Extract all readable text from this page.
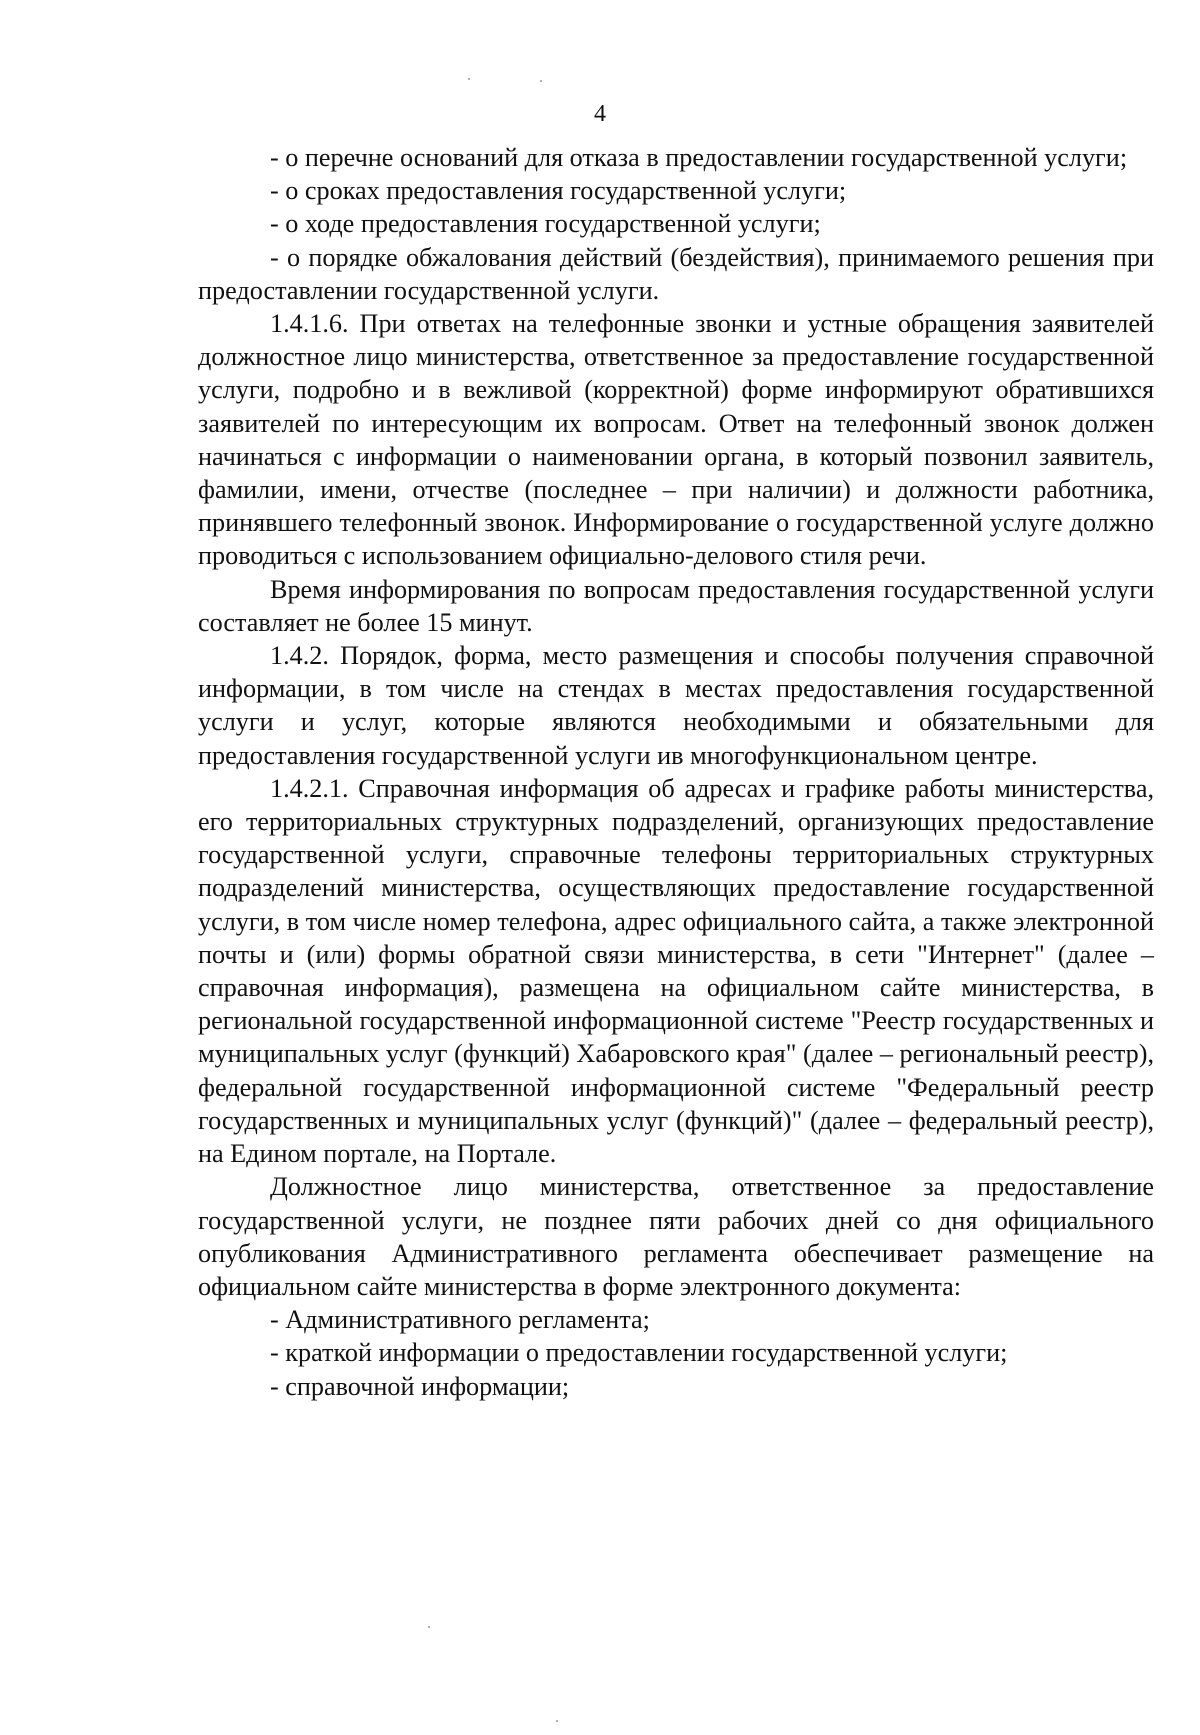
4

- о перечне оснований для отказа в предоставлении государственной услуги;

- о сроках предоставления государственной услуги;

- о ходе предоставления государственной услуги;

- о порядке обжалования действий (бездействия), принимаемого решения при предоставлении государственной услуги.

1.4.1.6. При ответах на телефонные звонки и устные обращения заявителей должностное лицо министерства, ответственное за предоставление государственной услуги, подробно и в вежливой (корректной) форме информируют обратившихся заявителей по интересующим их вопросам. Ответ на телефонный звонок должен начинаться с информации о наименовании органа, в который позвонил заявитель, фамилии, имени, отчестве (последнее – при наличии) и должности работника, принявшего телефонный звонок. Информирование о государственной услуге должно проводиться с использованием официально-делового стиля речи.

Время информирования по вопросам предоставления государственной услуги составляет не более 15 минут.

1.4.2. Порядок, форма, место размещения и способы получения справочной информации, в том числе на стендах в местах предоставления государственной услуги и услуг, которые являются необходимыми и обязательными для предоставления государственной услуги ив многофункциональном центре.

1.4.2.1. Справочная информация об адресах и графике работы министерства, его территориальных структурных подразделений, организующих предоставление государственной услуги, справочные телефоны территориальных структурных подразделений министерства, осуществляющих предоставление государственной услуги, в том числе номер телефона, адрес официального сайта, а также электронной почты и (или) формы обратной связи министерства, в сети "Интернет" (далее – справочная информация), размещена на официальном сайте министерства, в региональной государственной информационной системе "Реестр государственных и муниципальных услуг (функций) Хабаровского края" (далее – региональный реестр), федеральной государственной информационной системе "Федеральный реестр государственных и муниципальных услуг (функций)" (далее – федеральный реестр), на Едином портале, на Портале.

Должностное лицо министерства, ответственное за предоставление государственной услуги, не позднее пяти рабочих дней со дня официального опубликования Административного регламента обеспечивает размещение на официальном сайте министерства в форме электронного документа:

- Административного регламента;

- краткой информации о предоставлении государственной услуги;

- справочной информации;
